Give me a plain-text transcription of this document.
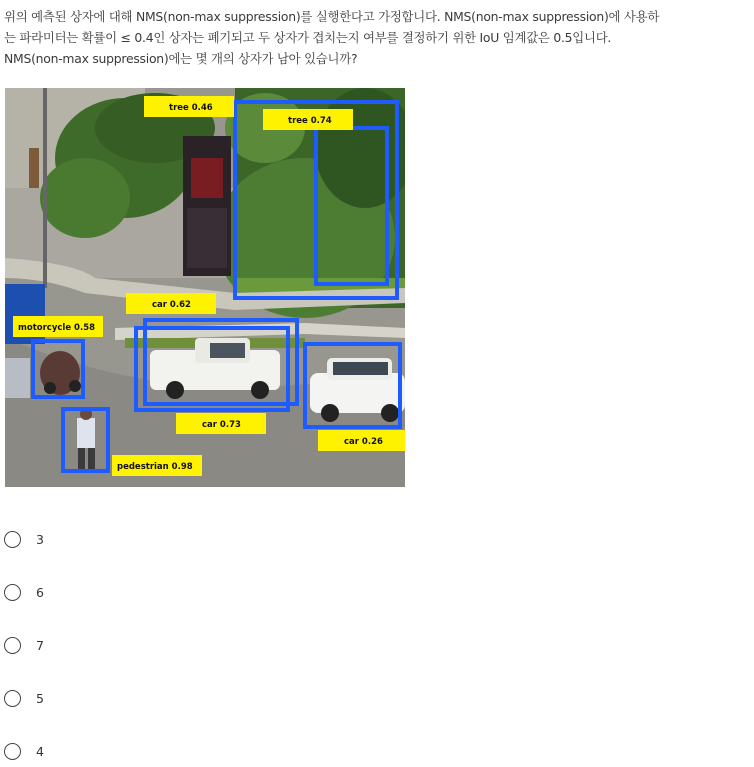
위의 예측된 상자에 대해 NMS(non-max suppression)를 실행한다고 가정합니다. NMS(non-max suppression)에 사용하
는 파라미터는 확률이 ≤ 0.4인 상자는 폐기되고 두 상자가 겹치는지 여부를 결정하기 위한 IoU 임계값은 0.5입니다.
NMS(non-max suppression)에는 몇 개의 상자가 남아 있습니까?

tree 0.46
tree 0.74
car 0.62
motorcycle 0.58
car 0.73
car 0.26
pedestrian 0.98
3
6
7
5
4
